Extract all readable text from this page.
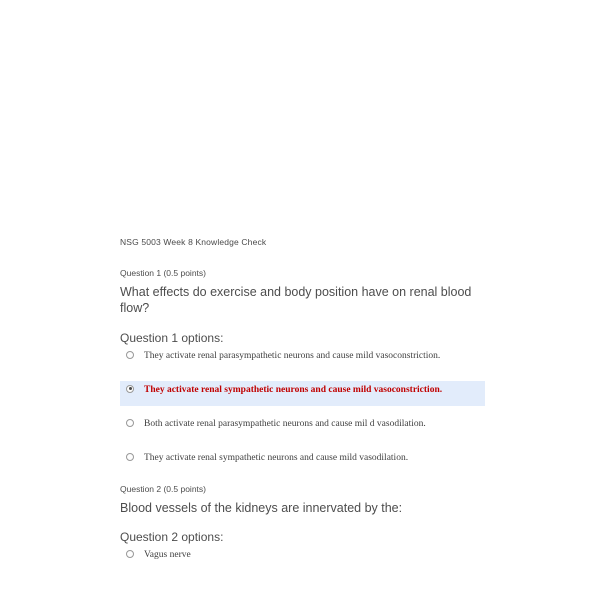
NSG 5003 Week 8 Knowledge Check
Question 1 (0.5 points)
What effects do exercise and body position have on renal blood flow?
Question 1 options:
They activate renal parasympathetic neurons and cause mild vasoconstriction.
They activate renal sympathetic neurons and cause mild vasoconstriction.
Both activate renal parasympathetic neurons and cause mil d vasodilation.
They activate renal sympathetic neurons and cause mild vasodilation.
Question 2 (0.5 points)
Blood vessels of the kidneys are innervated by the:
Question 2 options:
Vagus nerve
